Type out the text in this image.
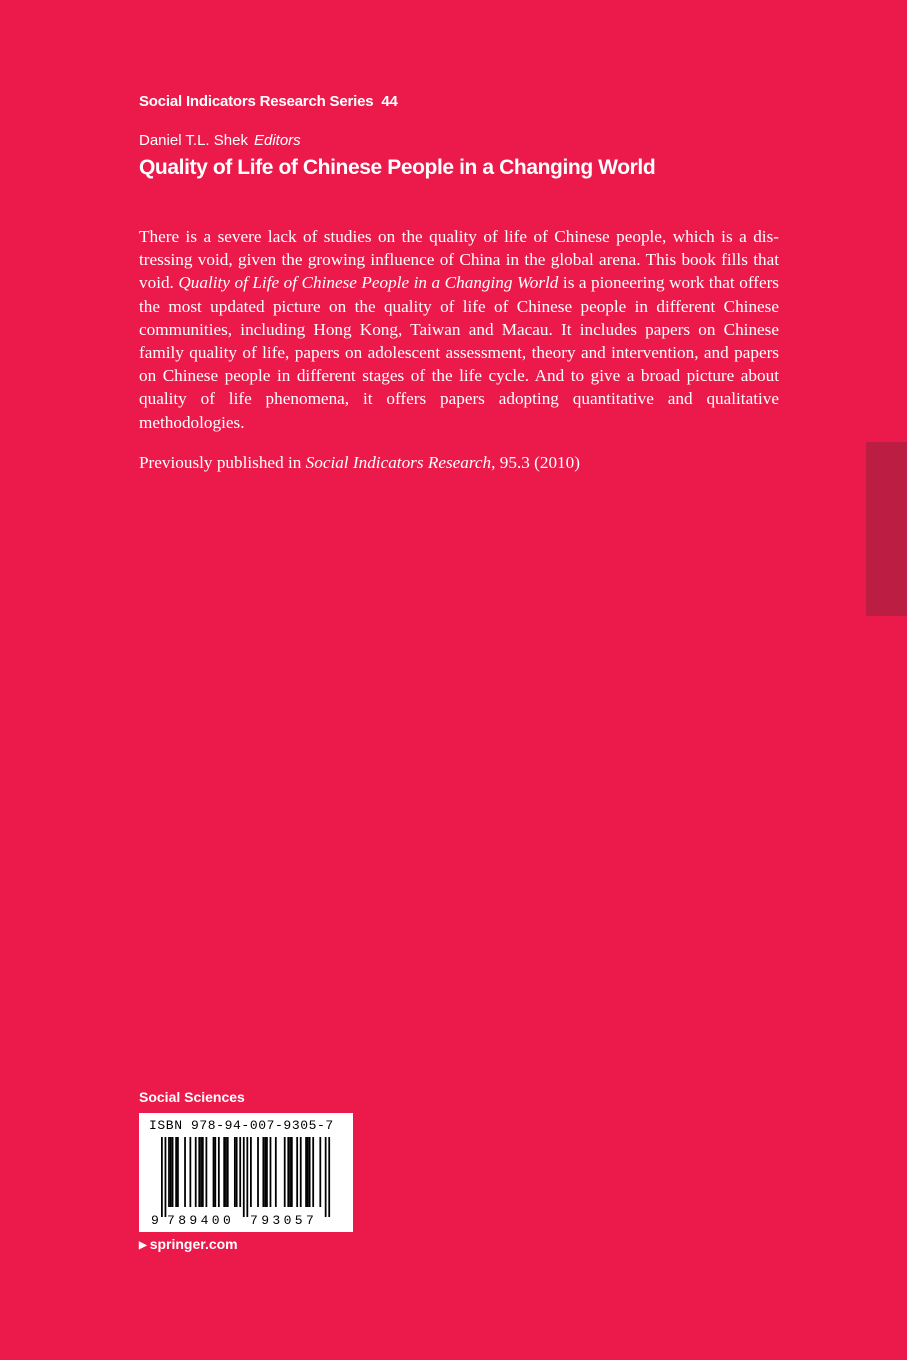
Social Indicators Research Series 44
Daniel T.L. Shek Editors
Quality of Life of Chinese People in a Changing World

There is a severe lack of studies on the quality of life of Chinese people, which is a distressing void, given the growing influence of China in the global arena. This book fills that void. Quality of Life of Chinese People in a Changing World is a pioneering work that offers the most updated picture on the quality of life of Chinese people in different Chinese communities, including Hong Kong, Taiwan and Macau. It includes papers on Chinese family quality of life, papers on adolescent assessment, theory and intervention, and papers on Chinese people in different stages of the life cycle. And to give a broad picture about quality of life phenomena, it offers papers adopting quantitative and qualitative methodologies.

Previously published in Social Indicators Research, 95.3 (2010)

Social Sciences
ISBN 978-94-007-9305-7
9 789400 793057
▶ springer.com
